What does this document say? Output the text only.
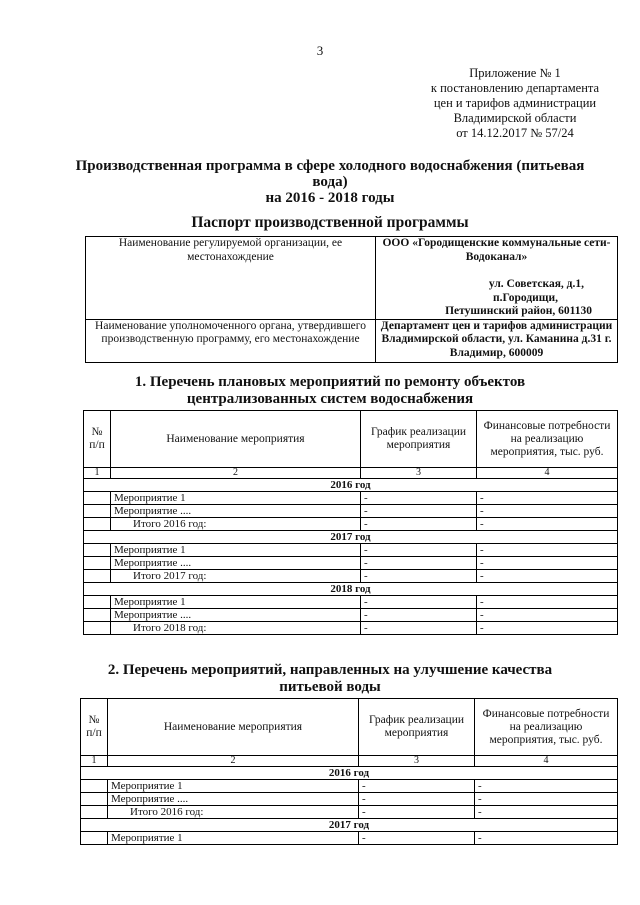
3
Приложение № 1
к постановлению департамента
цен и тарифов администрации
Владимирской области
от 14.12.2017 № 57/24
Производственная программа в сфере холодного водоснабжения (питьевая
вода)
на 2016 - 2018 годы
Паспорт производственной программы
Наименование регулируемой организации, ее местонахождение	ООО «Городищенские коммунальные сети-Водоканал»
ул. Советская, д.1,
п.Городищи,
Петушинский район, 601130

Наименование уполномоченного органа, утвердившего производственную программу, его местонахождение	Департамент цен и тарифов администрации Владимирской области, ул. Каманина д.31 г. Владимир, 600009
1. Перечень плановых мероприятий по ремонту объектов
централизованных систем водоснабжения
№ п/п	Наименование мероприятия	График реализации мероприятия	Финансовые потребности на реализацию мероприятия, тыс. руб.
1	2	3	4
2016 год			
	Мероприятие 1	-	-
	Мероприятие ....	-	-
	Итого 2016 год:	-	-
2017 год			
	Мероприятие 1	-	-
	Мероприятие ....	-	-
	Итого 2017 год:	-	-
2018 год			
	Мероприятие 1	-	-
	Мероприятие ....	-	-
	Итого 2018 год:	-	-
2. Перечень мероприятий, направленных на улучшение качества
питьевой воды
№ п/п	Наименование мероприятия	График реализации мероприятия	Финансовые потребности на реализацию мероприятия, тыс. руб.
1	2	3	4
2016 год			
	Мероприятие 1	-	-
	Мероприятие ....	-	-
	Итого 2016 год:	-	-
2017 год			
	Мероприятие 1	-	-
